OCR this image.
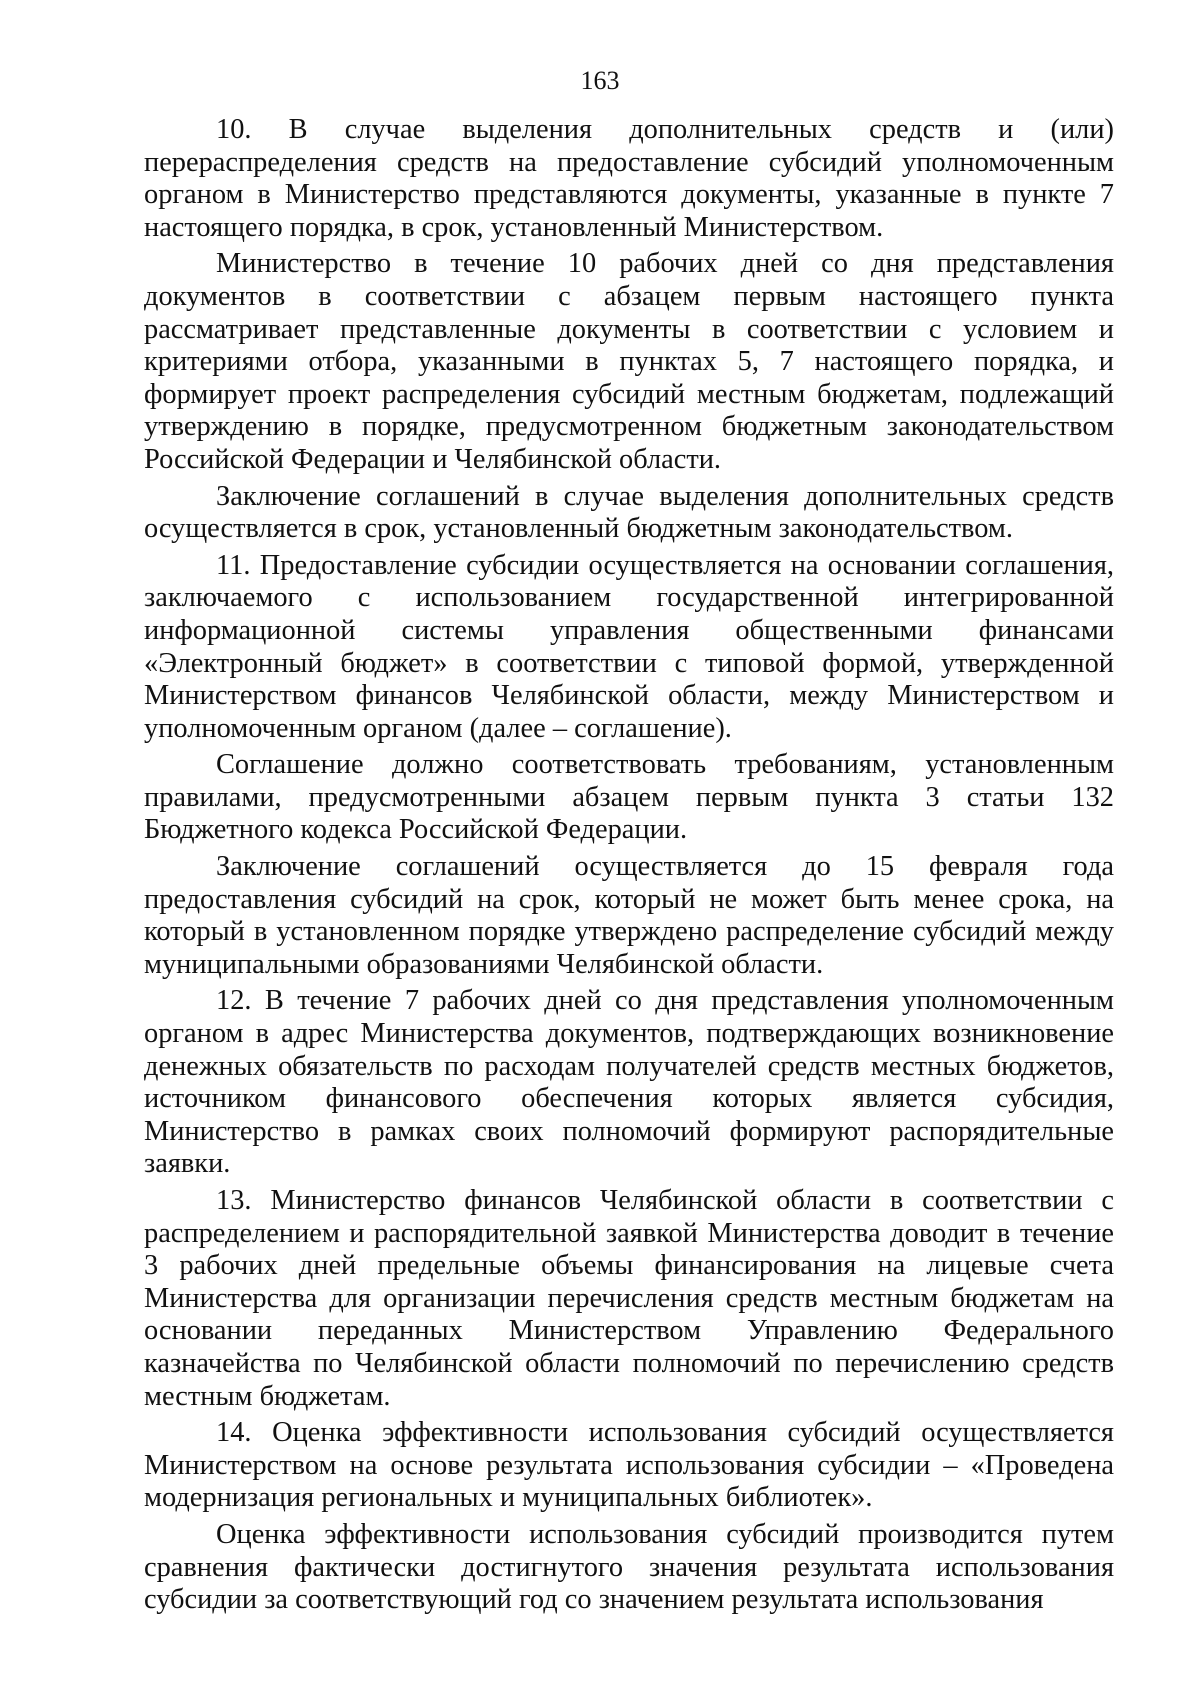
163

10. В случае выделения дополнительных средств и (или) перераспределения средств на предоставление субсидий уполномоченным органом в Министерство представляются документы, указанные в пункте 7 настоящего порядка, в срок, установленный Министерством.

Министерство в течение 10 рабочих дней со дня представления документов в соответствии с абзацем первым настоящего пункта рассматривает представленные документы в соответствии с условием и критериями отбора, указанными в пунктах 5, 7 настоящего порядка, и формирует проект распределения субсидий местным бюджетам, подлежащий утверждению в порядке, предусмотренном бюджетным законодательством Российской Федерации и Челябинской области.

Заключение соглашений в случае выделения дополнительных средств осуществляется в срок, установленный бюджетным законодательством.

11. Предоставление субсидии осуществляется на основании соглашения, заключаемого с использованием государственной интегрированной информационной системы управления общественными финансами «Электронный бюджет» в соответствии с типовой формой, утвержденной Министерством финансов Челябинской области, между Министерством и уполномоченным органом (далее – соглашение).

Соглашение должно соответствовать требованиям, установленным правилами, предусмотренными абзацем первым пункта 3 статьи 132 Бюджетного кодекса Российской Федерации.

Заключение соглашений осуществляется до 15 февраля года предоставления субсидий на срок, который не может быть менее срока, на который в установленном порядке утверждено распределение субсидий между муниципальными образованиями Челябинской области.

12. В течение 7 рабочих дней со дня представления уполномоченным органом в адрес Министерства документов, подтверждающих возникновение денежных обязательств по расходам получателей средств местных бюджетов, источником финансового обеспечения которых является субсидия, Министерство в рамках своих полномочий формируют распорядительные заявки.

13. Министерство финансов Челябинской области в соответствии с распределением и распорядительной заявкой Министерства доводит в течение 3 рабочих дней предельные объемы финансирования на лицевые счета Министерства для организации перечисления средств местным бюджетам на основании переданных Министерством Управлению Федерального казначейства по Челябинской области полномочий по перечислению средств местным бюджетам.

14. Оценка эффективности использования субсидий осуществляется Министерством на основе результата использования субсидии – «Проведена модернизация региональных и муниципальных библиотек».

Оценка эффективности использования субсидий производится путем сравнения фактически достигнутого значения результата использования субсидии за соответствующий год со значением результата использования
